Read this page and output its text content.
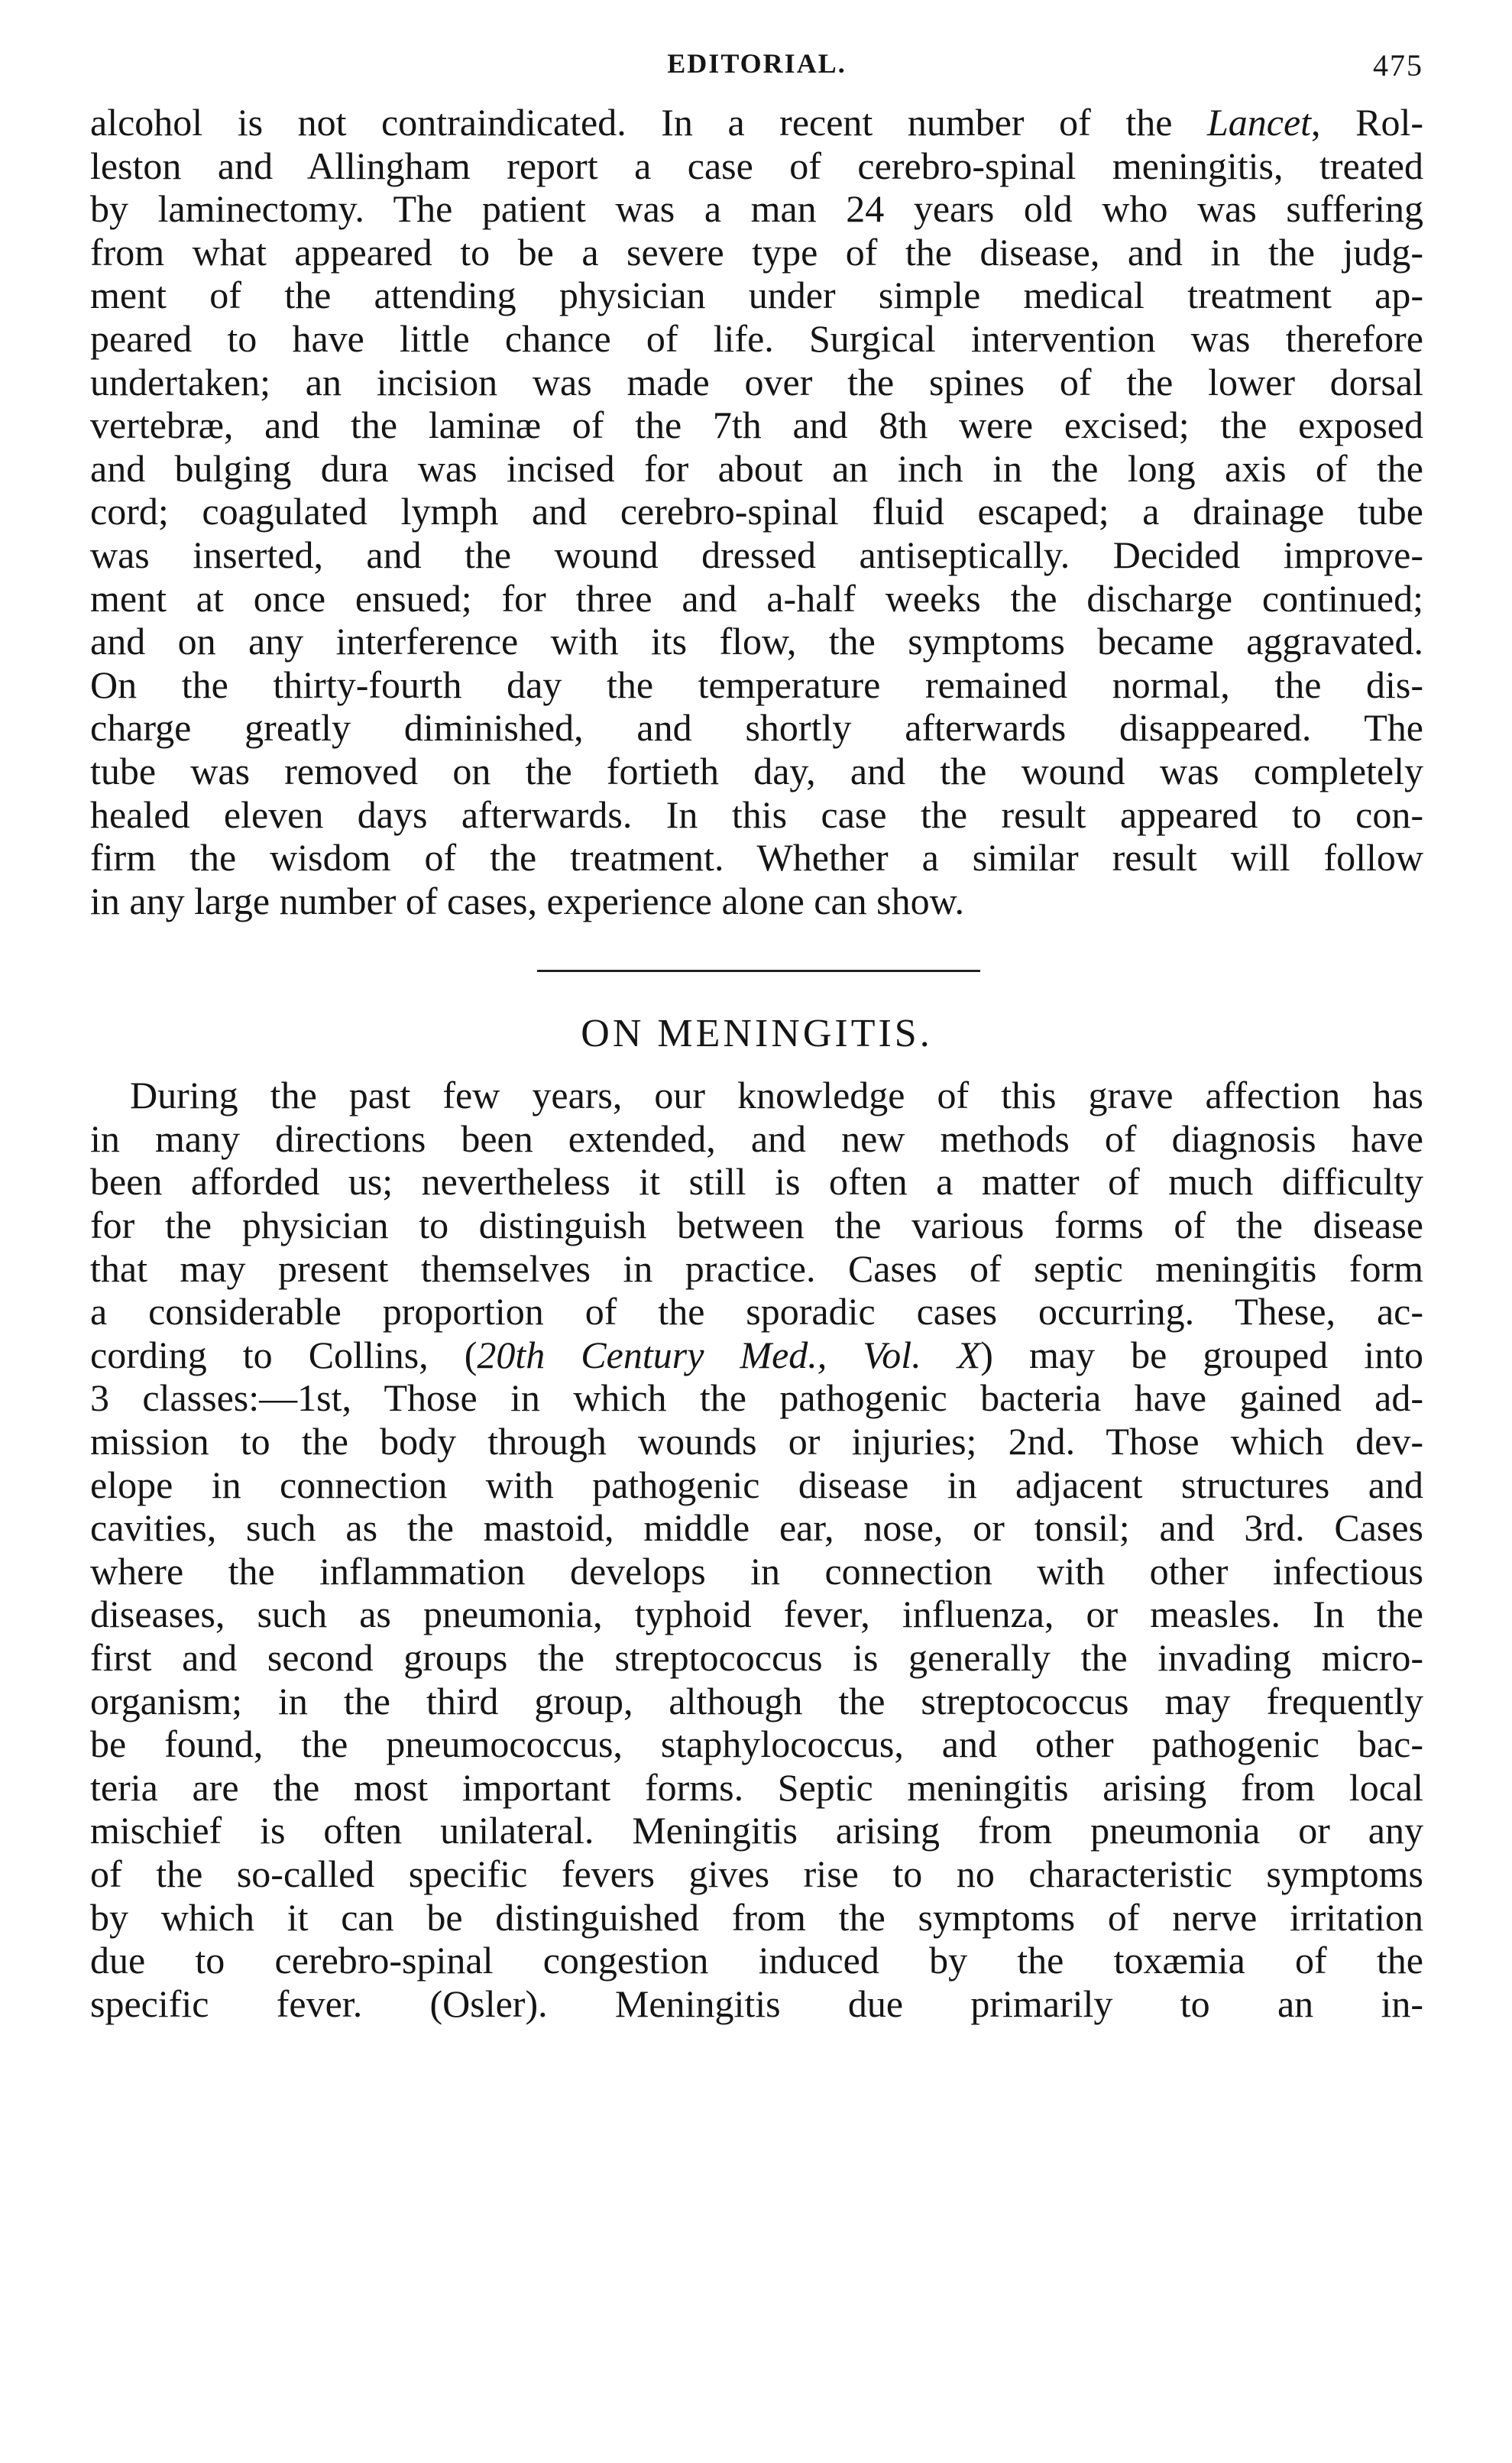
EDITORIAL.	475
alcohol is not contraindicated. In a recent number of the Lancet, Rol-
leston and Allingham report a case of cerebro-spinal meningitis, treated
by laminectomy. The patient was a man 24 years old who was suffering
from what appeared to be a severe type of the disease, and in the judg-
ment of the attending physician under simple medical treatment ap-
peared to have little chance of life. Surgical intervention was therefore
undertaken; an incision was made over the spines of the lower dorsal
vertebræ, and the laminæ of the 7th and 8th were excised; the exposed
and bulging dura was incised for about an inch in the long axis of the
cord; coagulated lymph and cerebro-spinal fluid escaped; a drainage tube
was inserted, and the wound dressed antiseptically. Decided improve-
ment at once ensued; for three and a-half weeks the discharge continued;
and on any interference with its flow, the symptoms became aggravated.
On the thirty-fourth day the temperature remained normal, the dis-
charge greatly diminished, and shortly afterwards disappeared. The
tube was removed on the fortieth day, and the wound was completely
healed eleven days afterwards. In this case the result appeared to con-
firm the wisdom of the treatment. Whether a similar result will follow
in any large number of cases, experience alone can show.
ON MENINGITIS.
During the past few years, our knowledge of this grave affection has
in many directions been extended, and new methods of diagnosis have
been afforded us; nevertheless it still is often a matter of much difficulty
for the physician to distinguish between the various forms of the disease
that may present themselves in practice. Cases of septic meningitis form
a considerable proportion of the sporadic cases occurring. These, ac-
cording to Collins, (20th Century Med., Vol. X) may be grouped into
3 classes:—1st, Those in which the pathogenic bacteria have gained ad-
mission to the body through wounds or injuries; 2nd. Those which dev-
elope in connection with pathogenic disease in adjacent structures and
cavities, such as the mastoid, middle ear, nose, or tonsil; and 3rd. Cases
where the inflammation develops in connection with other infectious
diseases, such as pneumonia, typhoid fever, influenza, or measles. In the
first and second groups the streptococcus is generally the invading micro-
organism; in the third group, although the streptococcus may frequently
be found, the pneumococcus, staphylococcus, and other pathogenic bac-
teria are the most important forms. Septic meningitis arising from local
mischief is often unilateral. Meningitis arising from pneumonia or any
of the so-called specific fevers gives rise to no characteristic symptoms
by which it can be distinguished from the symptoms of nerve irritation
due to cerebro-spinal congestion induced by the toxæmia of the
specific fever. (Osler). Meningitis due primarily to an in-
